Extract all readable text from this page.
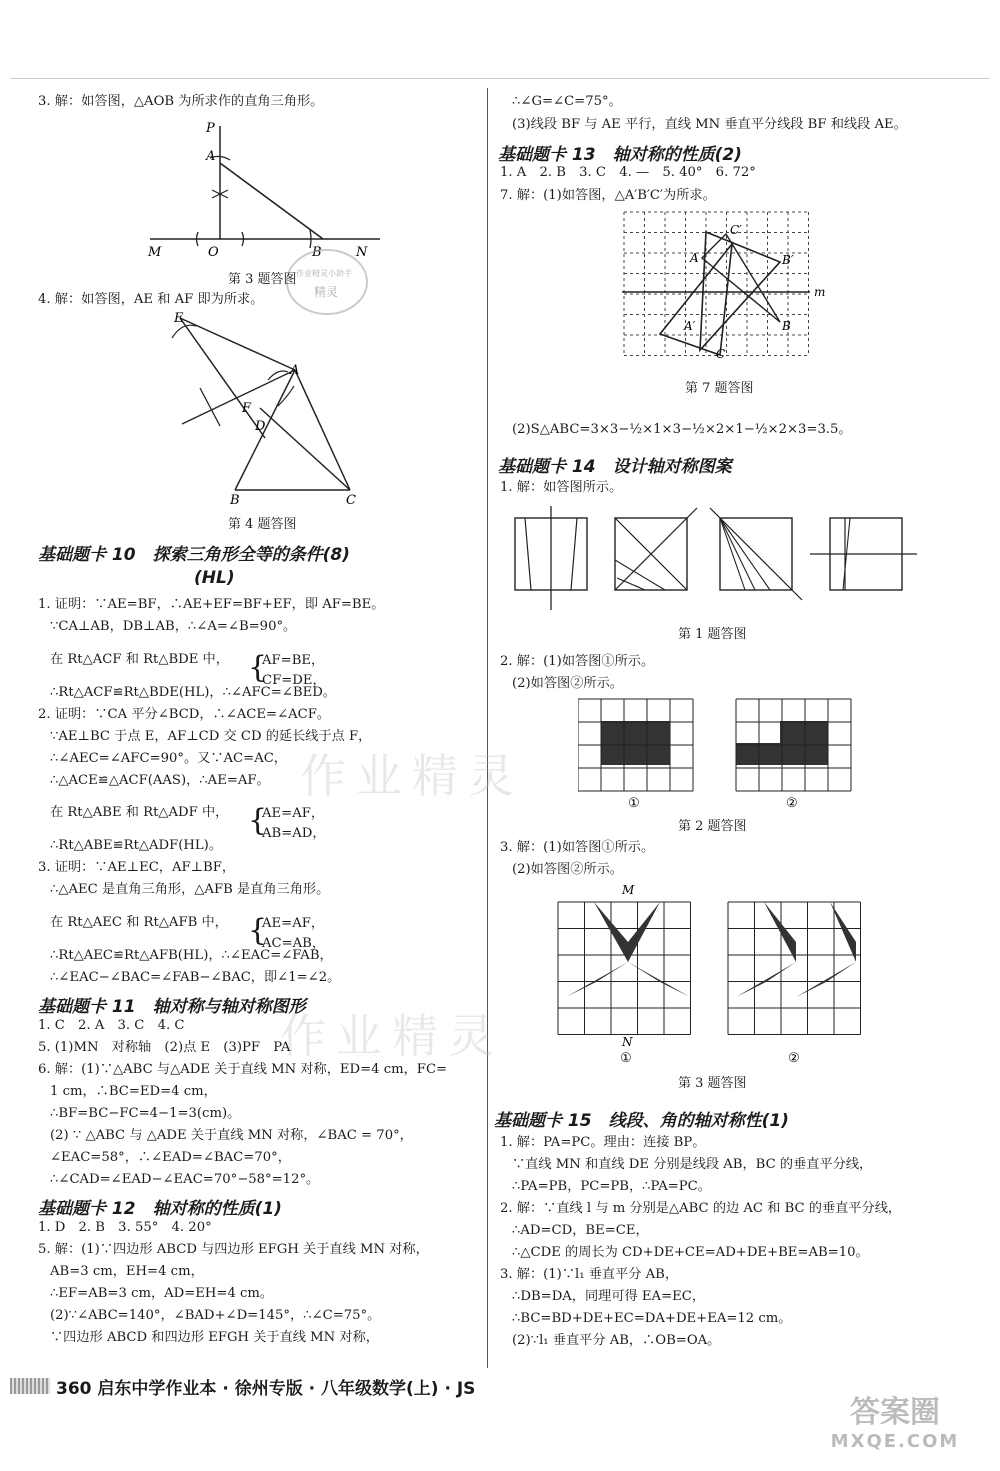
P
A
M	O	B	N
作业精灵小助手
精灵
E
A
F
D
B	C
C′
A	B′
m
A′	B
C
①	②
M
N
①	②
作业精灵
作业精灵
360 启东中学作业本 · 徐州专版 · 八年级数学(上) · JS
答案圈
MXQE.COM
3. 解：如答图，△AOB 为所求作的直角三角形。
4. 解：如答图，AE 和 AF 即为所求。
1. 证明：∵AE=BF，∴AE+EF=BF+EF，即 AF=BE。
∵CA⊥AB，DB⊥AB，∴∠A=∠B=90°。
在 Rt△ACF 和 Rt△BDE 中，
∴Rt△ACF≌Rt△BDE(HL)，∴∠AFC=∠BED。
2. 证明：∵CA 平分∠BCD，∴∠ACE=∠ACF。
∵AE⊥BC 于点 E，AF⊥CD 交 CD 的延长线于点 F，
∴∠AEC=∠AFC=90°。又∵AC=AC，
∴△ACE≌△ACF(AAS)，∴AE=AF。
在 Rt△ABE 和 Rt△ADF 中，
∴Rt△ABE≌Rt△ADF(HL)。
3. 证明：∵AE⊥EC，AF⊥BF，
∴△AEC 是直角三角形，△AFB 是直角三角形。
在 Rt△AEC 和 Rt△AFB 中，
∴Rt△AEC≌Rt△AFB(HL)，∴∠EAC=∠FAB，
∴∠EAC−∠BAC=∠FAB−∠BAC，即∠1=∠2。
1. C　2. A　3. C　4. C
5. (1)MN　对称轴　(2)点 E　(3)PF　PA
6. 解：(1)∵△ABC 与△ADE 关于直线 MN 对称，ED=4 cm，FC=
1 cm，∴BC=ED=4 cm，
∴BF=BC−FC=4−1=3(cm)。
(2) ∵ △ABC 与 △ADE 关于直线 MN 对称，∠BAC = 70°，
∠EAC=58°，∴∠EAD=∠BAC=70°，
∴∠CAD=∠EAD−∠EAC=70°−58°=12°。
1. D　2. B　3. 55°　4. 20°
5. 解：(1)∵四边形 ABCD 与四边形 EFGH 关于直线 MN 对称，
AB=3 cm，EH=4 cm，
∴EF=AB=3 cm，AD=EH=4 cm。
(2)∵∠ABC=140°，∠BAD+∠D=145°，∴∠C=75°。
∵四边形 ABCD 和四边形 EFGH 关于直线 MN 对称，
基础题卡 10　探索三角形全等的条件(8)
(HL)
基础题卡 11　轴对称与轴对称图形
基础题卡 12　轴对称的性质(1)
第 3 题答图
第 4 题答图
∴∠G=∠C=75°。
(3)线段 BF 与 AE 平行，直线 MN 垂直平分线段 BF 和线段 AE。
1. A　2. B　3. C　4. —　5. 40°　6. 72°
7. 解：(1)如答图，△A′B′C′为所求。
(2)S△ABC=3×3−½×1×3−½×2×1−½×2×3=3.5。
1. 解：如答图所示。
2. 解：(1)如答图①所示。
(2)如答图②所示。
3. 解：(1)如答图①所示。
(2)如答图②所示。
1. 解：PA=PC。理由：连接 BP。
∵直线 MN 和直线 DE 分别是线段 AB，BC 的垂直平分线，
∴PA=PB，PC=PB，∴PA=PC。
2. 解：∵直线 l 与 m 分别是△ABC 的边 AC 和 BC 的垂直平分线，
∴AD=CD，BE=CE，
∴△CDE 的周长为 CD+DE+CE=AD+DE+BE=AB=10。
3. 解：(1)∵l₁ 垂直平分 AB，
∴DB=DA，同理可得 EA=EC，
∴BC=BD+DE+EC=DA+DE+EA=12 cm。
(2)∵l₁ 垂直平分 AB，∴OB=OA。
基础题卡 13　轴对称的性质(2)
基础题卡 14　设计轴对称图案
基础题卡 15　线段、角的轴对称性(1)
第 7 题答图
第 1 题答图
第 2 题答图
第 3 题答图
{
AF=BE，
CF=DE，
{
AE=AF，
AB=AD，
{
AE=AF，
AC=AB，
